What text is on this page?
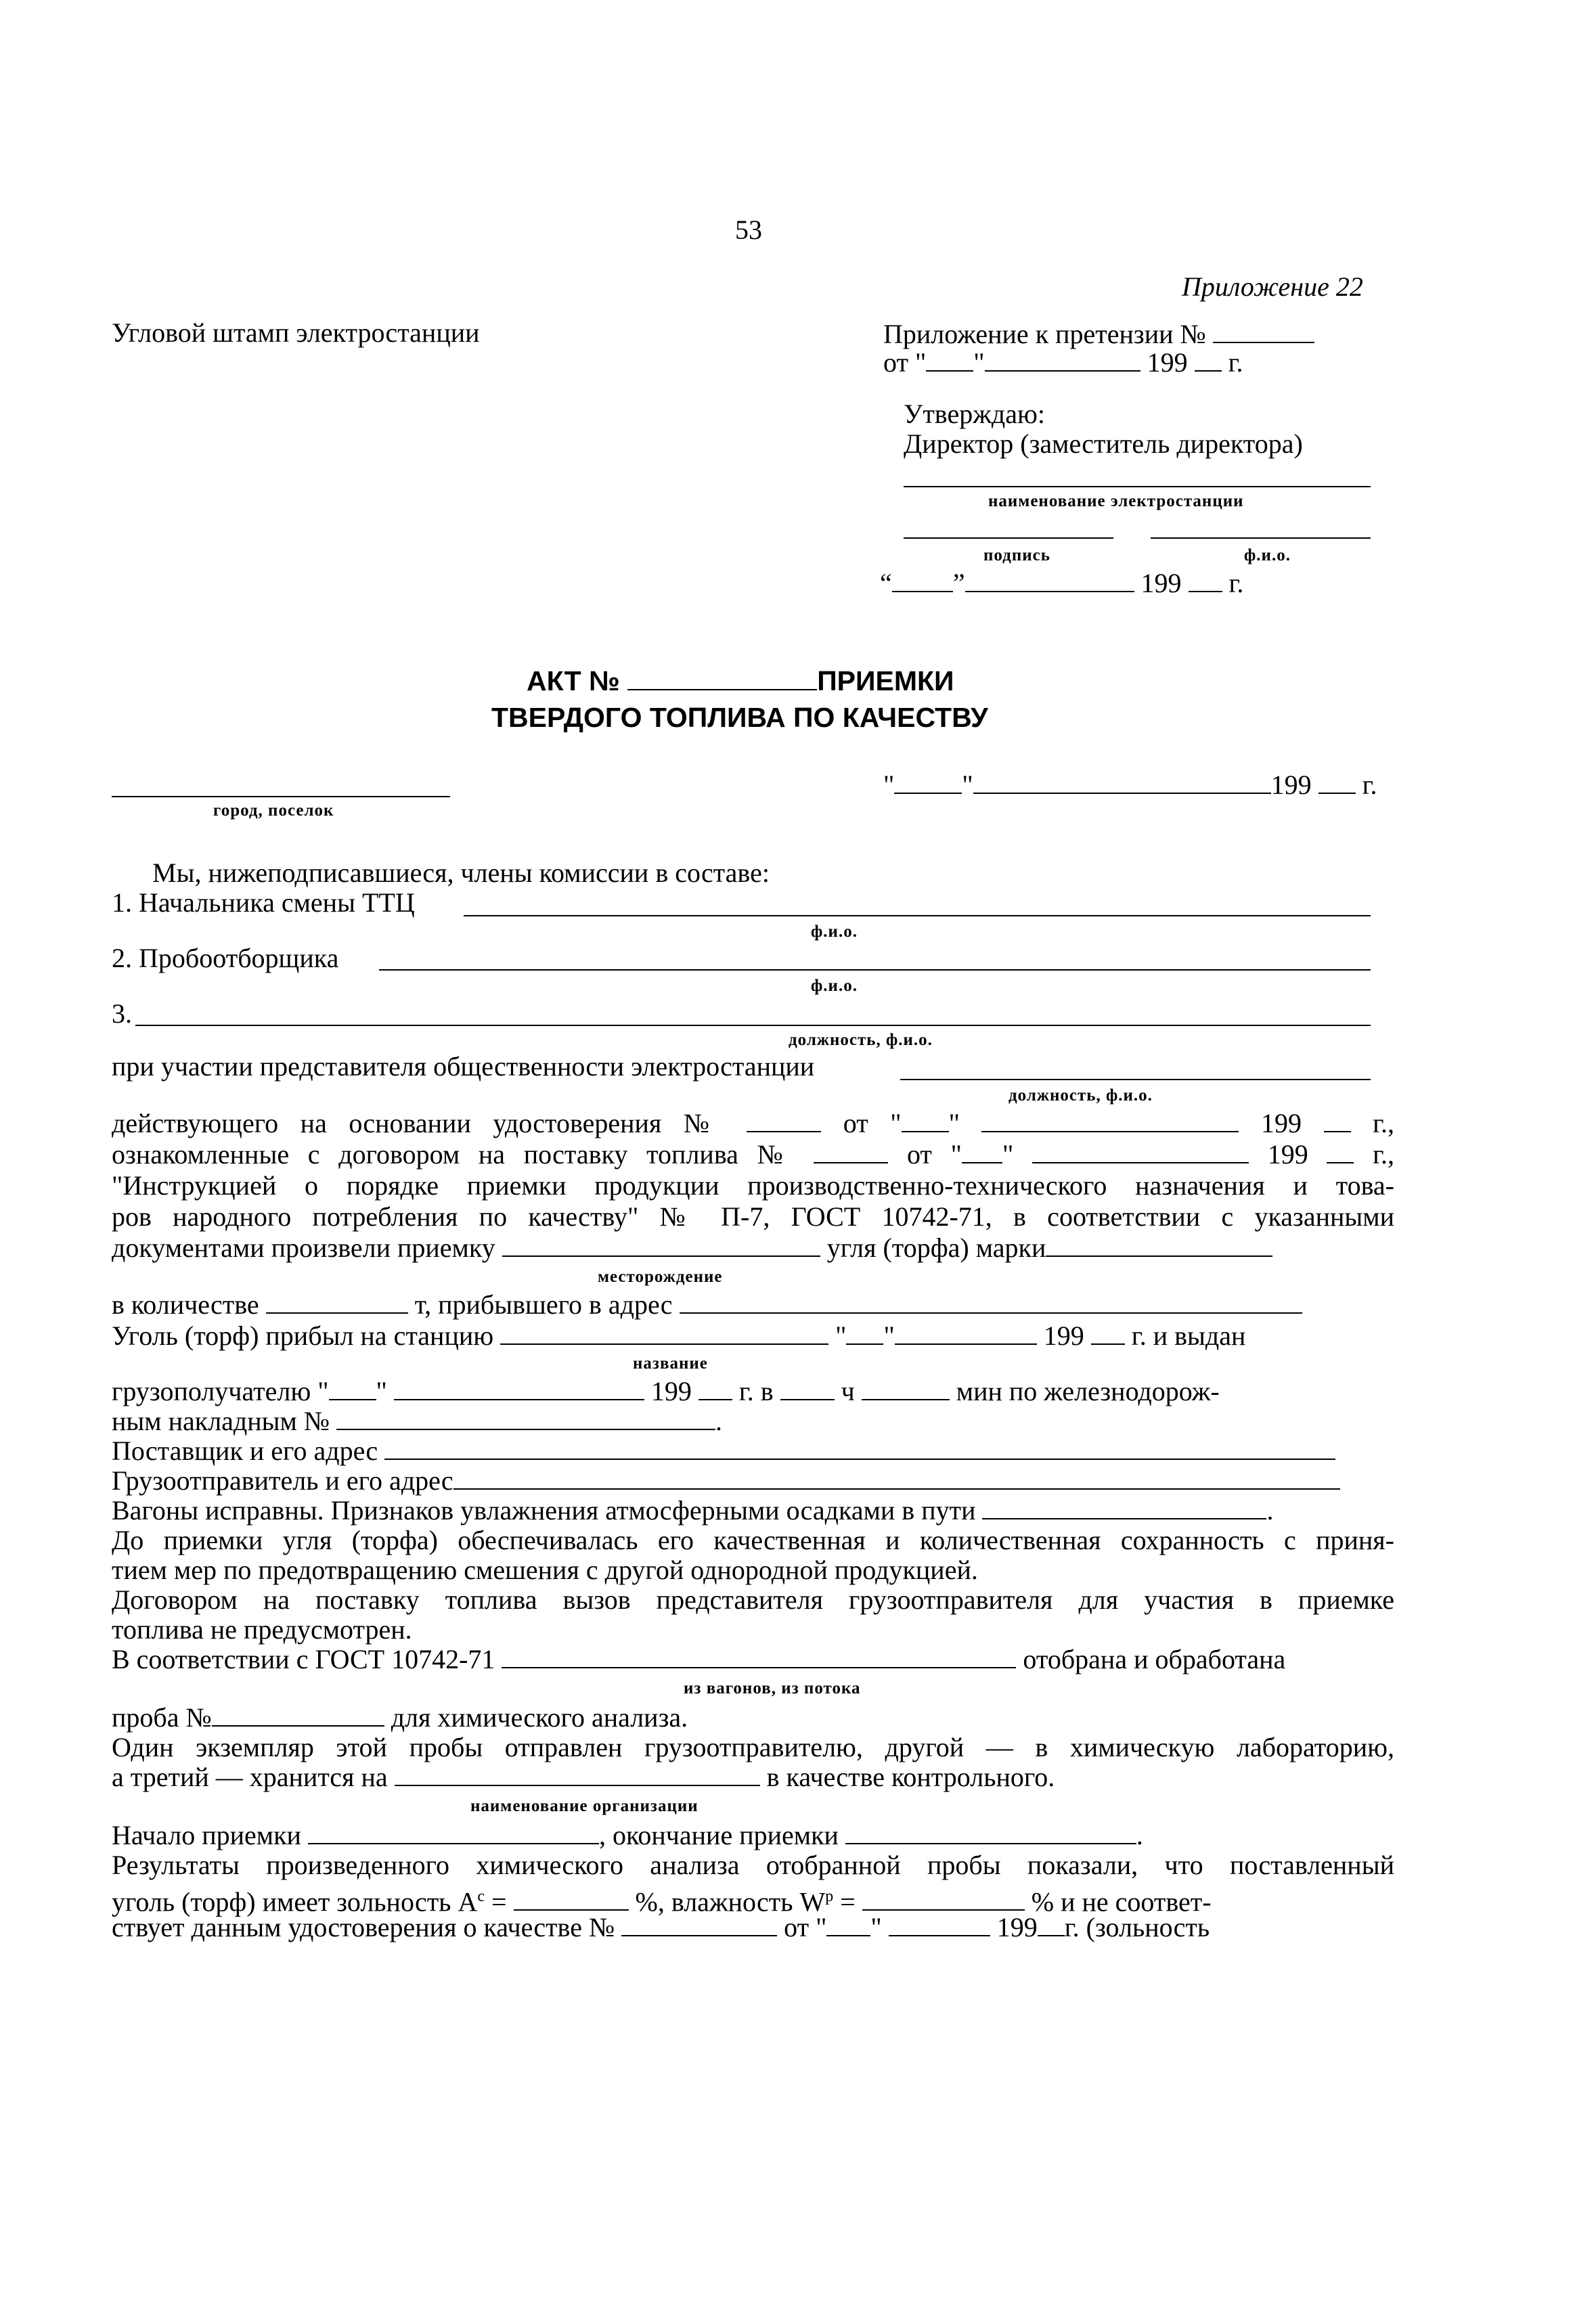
53
Приложение 22
Угловой штамп электростанции	Приложение к претензии №
от " "	199 г.
Утверждаю:
Директор (заместитель директора)
наименование электростанции
подпись	ф.и.о.
“ ”	199 г.
АКТ №	ПРИЕМКИ
ТВЕРДОГО ТОПЛИВА ПО КАЧЕСТВУ
город, поселок
"	"	199 г.
Мы, нижеподписавшиеся, члены комиссии в составе:
1. Начальника смены ТТЦ
ф.и.о.
2. Пробоотборщика
ф.и.о.
3.
должность, ф.и.о.
при участии представителя общественности электростанции
должность, ф.и.о.
действующего на основании удостоверения №	от " "	199	г.,
ознакомленные с договором на поставку топлива №	от " "	199 г.,
"Инструкцией о порядке приемки продукции производственно-технического назначения и това-
ров народного потребления по качеству" № П-7, ГОСТ 10742-71, в соответствии с указанными
документами произвели приемку	угля (торфа) марки
месторождение
в количестве	т, прибывшего в адрес
Уголь (торф) прибыл на станцию	" "	199 г. и выдан
название
грузополучателю " "	199 г. в	ч	мин по железнодорож-
ным накладным №	.
Поставщик и его адрес
Грузоотправитель и его адрес
Вагоны исправны. Признаков увлажнения атмосферными осадками в пути	.
До приемки угля (торфа) обеспечивалась его качественная и количественная сохранность с приня-
тием мер по предотвращению смешения с другой однородной продукцией.
Договором на поставку топлива вызов представителя грузоотправителя для участия в приемке
топлива не предусмотрен.
В соответствии с ГОСТ 10742-71	отобрана и обработана
из вагонов, из потока
проба №	для химического анализа.
Один экземпляр этой пробы отправлен грузоотправителю, другой — в химическую лабораторию,
а третий — хранится на	в качестве контрольного.
наименование организации
Начало приемки	, окончание приемки	.
Результаты произведенного химического анализа отобранной пробы показали, что поставленный
уголь (торф) имеет зольность $А^с$ =	%, влажность $W^р$ =	% и не соответ-
ствует данным удостоверения о качестве №	от " "	199 г. (зольность
